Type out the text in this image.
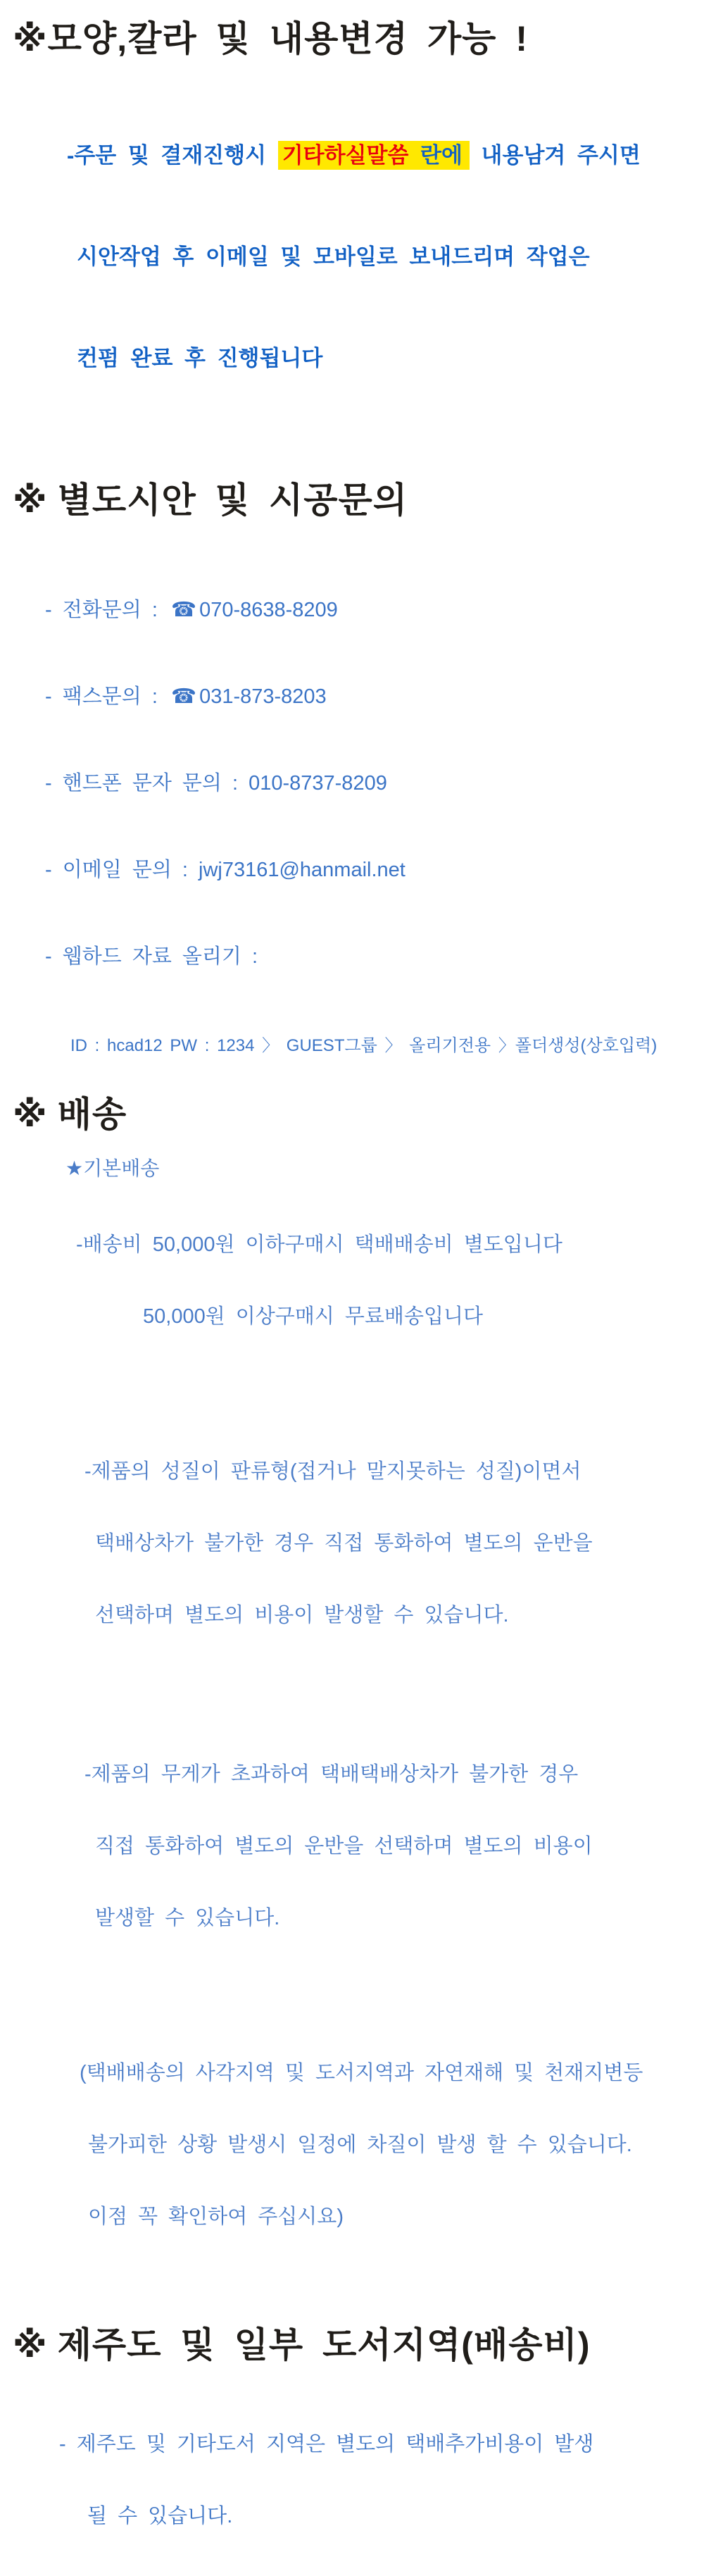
※모양,칼라 및 내용변경 가능 !

-주문 및 결재진행시 기타하실말씀 란에 내용남겨 주시면

시안작업 후 이메일 및 모바일로 보내드리며 작업은

컨펌 완료 후 진행됩니다

※ 별도시안 및 시공문의

- 전화문의 : ☎ 070-8638-8209

- 팩스문의 : ☎ 031-873-8203

- 핸드폰 문자 문의 : 010-8737-8209

- 이메일 문의 : jwj73161@hanmail.net

- 웹하드 자료 올리기 :

ID : hcad12 PW : 1234 〉 GUEST그룹 〉 올리기전용 〉폴더생성(상호입력)
※ 배송
★기본배송

-배송비 50,000원 이하구매시 택배배송비 별도입니다

50,000원 이상구매시 무료배송입니다

-제품의 성질이 판류형(접거나 말지못하는 성질)이면서

택배상차가 불가한 경우 직접 통화하여 별도의 운반을

선택하며 별도의 비용이 발생할 수 있습니다.

-제품의 무게가 초과하여 택배택배상차가 불가한 경우

직접 통화하여 별도의 운반을 선택하며 별도의 비용이

발생할 수 있습니다.

(택배배송의 사각지역 및 도서지역과 자연재해 및 천재지변등

불가피한 상황 발생시 일정에 차질이 발생 할 수 있습니다.

이점 꼭 확인하여 주십시요)

※ 제주도 및 일부 도서지역(배송비)

- 제주도 및 기타도서 지역은 별도의 택배추가비용이 발생

될 수 있습니다.
